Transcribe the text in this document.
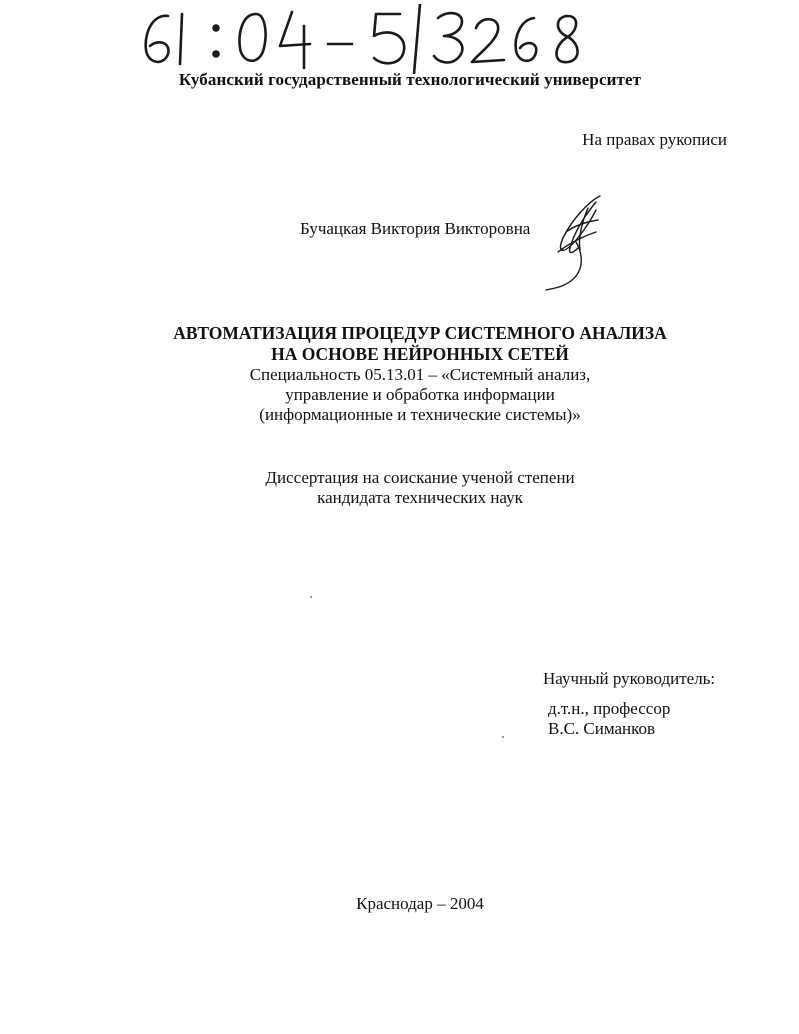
Кубанский государственный технологический университет
На правах рукописи
Бучацкая Виктория Викторовна
АВТОМАТИЗАЦИЯ ПРОЦЕДУР СИСТЕМНОГО АНАЛИЗА
НА ОСНОВЕ НЕЙРОННЫХ СЕТЕЙ
Специальность 05.13.01 – «Системный анализ,
управление и обработка информации
(информационные и технические системы)»
Диссертация на соискание ученой степени
кандидата технических наук
Научный руководитель:
д.т.н., профессор
В.С. Симанков
Краснодар – 2004
